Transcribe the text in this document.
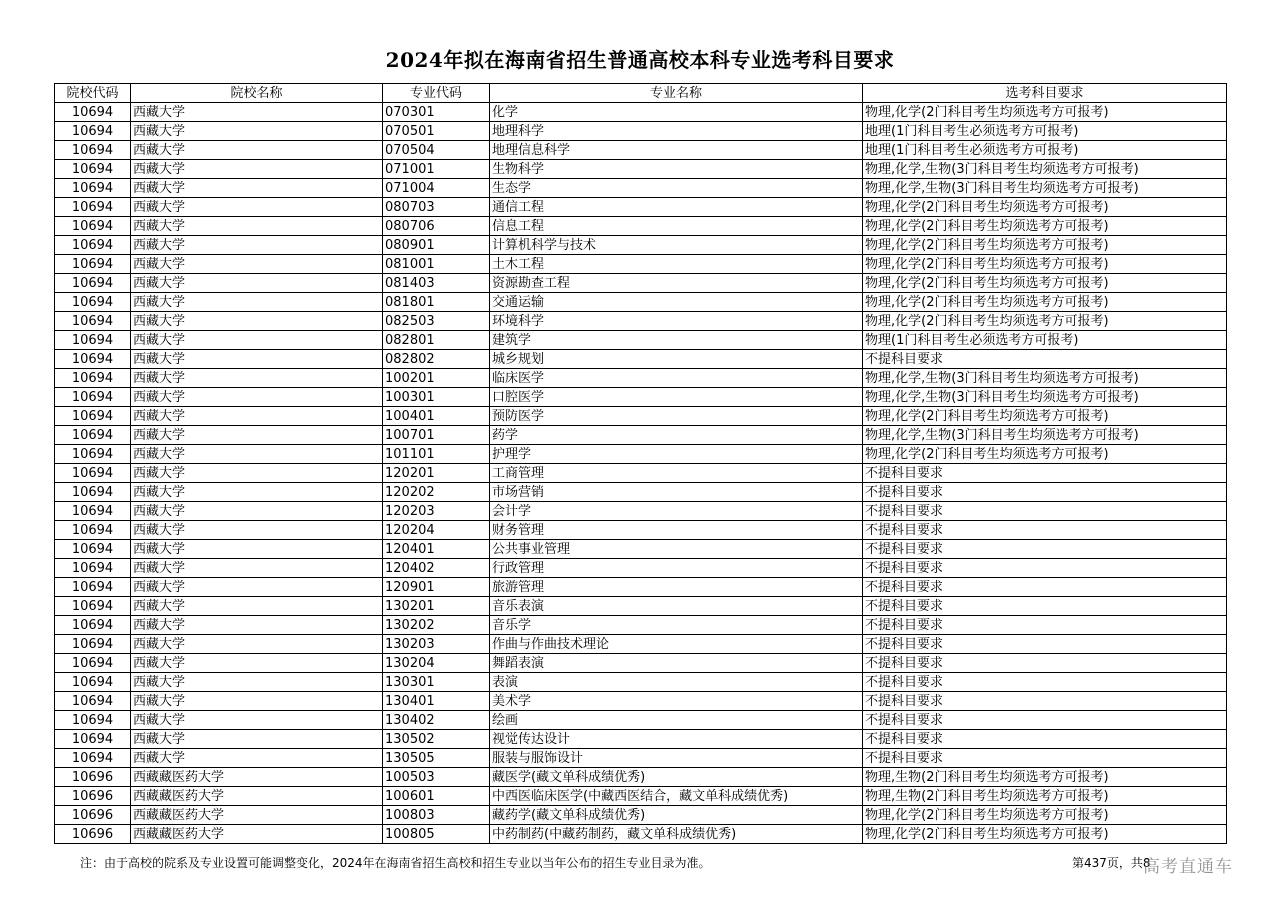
2024年拟在海南省招生普通高校本科专业选考科目要求
院校代码	院校名称	专业代码	专业名称	选考科目要求
10694	西藏大学	070301	化学	物理,化学(2门科目考生均须选考方可报考)
10694	西藏大学	070501	地理科学	地理(1门科目考生必须选考方可报考)
10694	西藏大学	070504	地理信息科学	地理(1门科目考生必须选考方可报考)
10694	西藏大学	071001	生物科学	物理,化学,生物(3门科目考生均须选考方可报考)
10694	西藏大学	071004	生态学	物理,化学,生物(3门科目考生均须选考方可报考)
10694	西藏大学	080703	通信工程	物理,化学(2门科目考生均须选考方可报考)
10694	西藏大学	080706	信息工程	物理,化学(2门科目考生均须选考方可报考)
10694	西藏大学	080901	计算机科学与技术	物理,化学(2门科目考生均须选考方可报考)
10694	西藏大学	081001	土木工程	物理,化学(2门科目考生均须选考方可报考)
10694	西藏大学	081403	资源勘查工程	物理,化学(2门科目考生均须选考方可报考)
10694	西藏大学	081801	交通运输	物理,化学(2门科目考生均须选考方可报考)
10694	西藏大学	082503	环境科学	物理,化学(2门科目考生均须选考方可报考)
10694	西藏大学	082801	建筑学	物理(1门科目考生必须选考方可报考)
10694	西藏大学	082802	城乡规划	不提科目要求
10694	西藏大学	100201	临床医学	物理,化学,生物(3门科目考生均须选考方可报考)
10694	西藏大学	100301	口腔医学	物理,化学,生物(3门科目考生均须选考方可报考)
10694	西藏大学	100401	预防医学	物理,化学(2门科目考生均须选考方可报考)
10694	西藏大学	100701	药学	物理,化学,生物(3门科目考生均须选考方可报考)
10694	西藏大学	101101	护理学	物理,化学(2门科目考生均须选考方可报考)
10694	西藏大学	120201	工商管理	不提科目要求
10694	西藏大学	120202	市场营销	不提科目要求
10694	西藏大学	120203	会计学	不提科目要求
10694	西藏大学	120204	财务管理	不提科目要求
10694	西藏大学	120401	公共事业管理	不提科目要求
10694	西藏大学	120402	行政管理	不提科目要求
10694	西藏大学	120901	旅游管理	不提科目要求
10694	西藏大学	130201	音乐表演	不提科目要求
10694	西藏大学	130202	音乐学	不提科目要求
10694	西藏大学	130203	作曲与作曲技术理论	不提科目要求
10694	西藏大学	130204	舞蹈表演	不提科目要求
10694	西藏大学	130301	表演	不提科目要求
10694	西藏大学	130401	美术学	不提科目要求
10694	西藏大学	130402	绘画	不提科目要求
10694	西藏大学	130502	视觉传达设计	不提科目要求
10694	西藏大学	130505	服装与服饰设计	不提科目要求
10696	西藏藏医药大学	100503	藏医学(藏文单科成绩优秀)	物理,生物(2门科目考生均须选考方可报考)
10696	西藏藏医药大学	100601	中西医临床医学(中藏西医结合，藏文单科成绩优秀)	物理,生物(2门科目考生均须选考方可报考)
10696	西藏藏医药大学	100803	藏药学(藏文单科成绩优秀)	物理,化学(2门科目考生均须选考方可报考)
10696	西藏藏医药大学	100805	中药制药(中藏药制药，藏文单科成绩优秀)	物理,化学(2门科目考生均须选考方可报考)
注：由于高校的院系及专业设置可能调整变化，2024年在海南省招生高校和招生专业以当年公布的招生专业目录为准。	第437页，共8
高考直通车
